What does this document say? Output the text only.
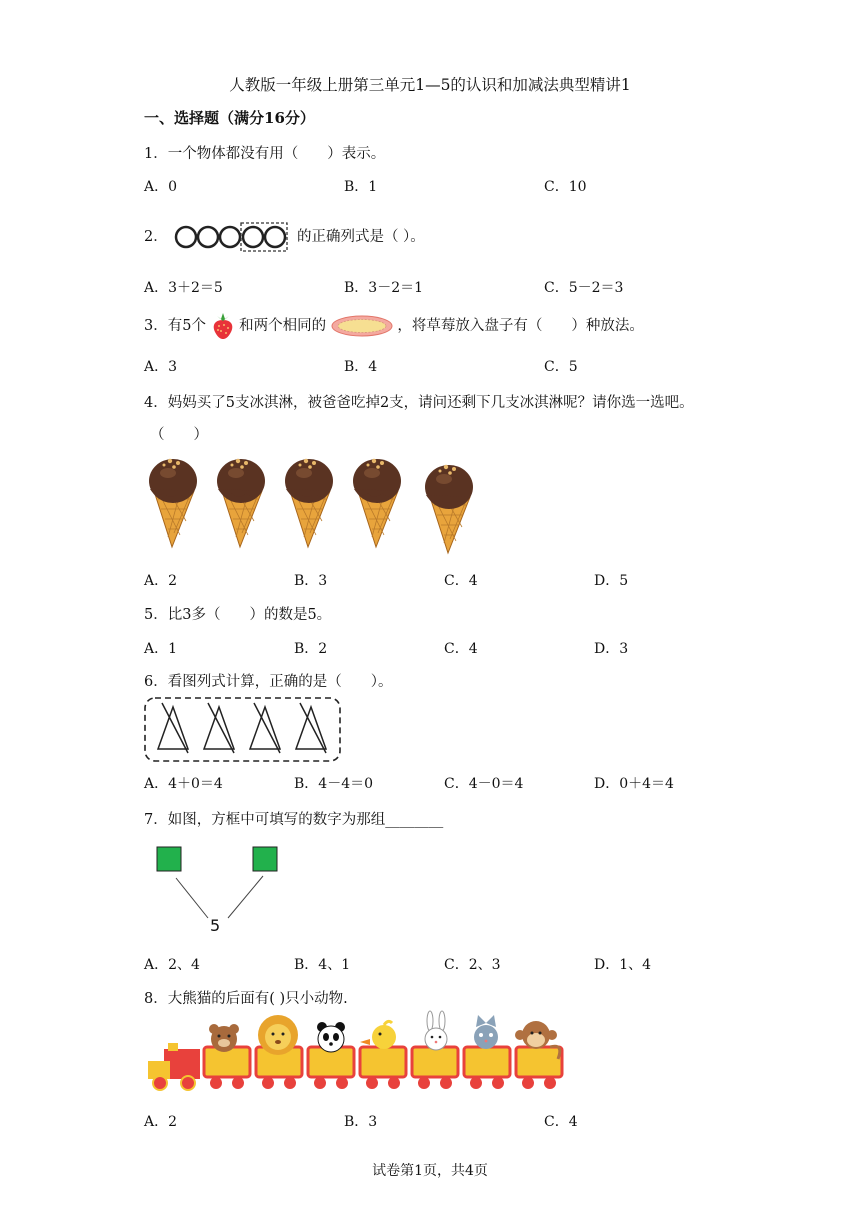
人教版一年级上册第三单元1—5的认识和加减法典型精讲1
一、选择题（满分16分）
1．一个物体都没有用（　　）表示。
A．0	B．1	C．10
2．	的正确列式是（ ）。
A．3＋2＝5	B．3－2＝1	C．5－2＝3
3．有5个 和两个相同的	，将草莓放入盘子有（　　）种放法。
A．3	B．4	C．5
4．妈妈买了5支冰淇淋，被爸爸吃掉2支，请问还剩下几支冰淇淋呢？请你选一选吧。
（　　）
A．2	B．3	C．4	D．5
5．比3多（　　）的数是5。
A．1	B．2	C．4	D．3
6．看图列式计算，正确的是（　　）。
A．4＋0＝4	B．4－4＝0	C．4－0＝4	D．0＋4＝4
7．如图，方框中可填写的数字为那组________
5
A．2、4	B．4、1	C．2、3	D．1、4
8．大熊猫的后面有( )只小动物.
A．2	B．3	C．4
试卷第1页，共4页
